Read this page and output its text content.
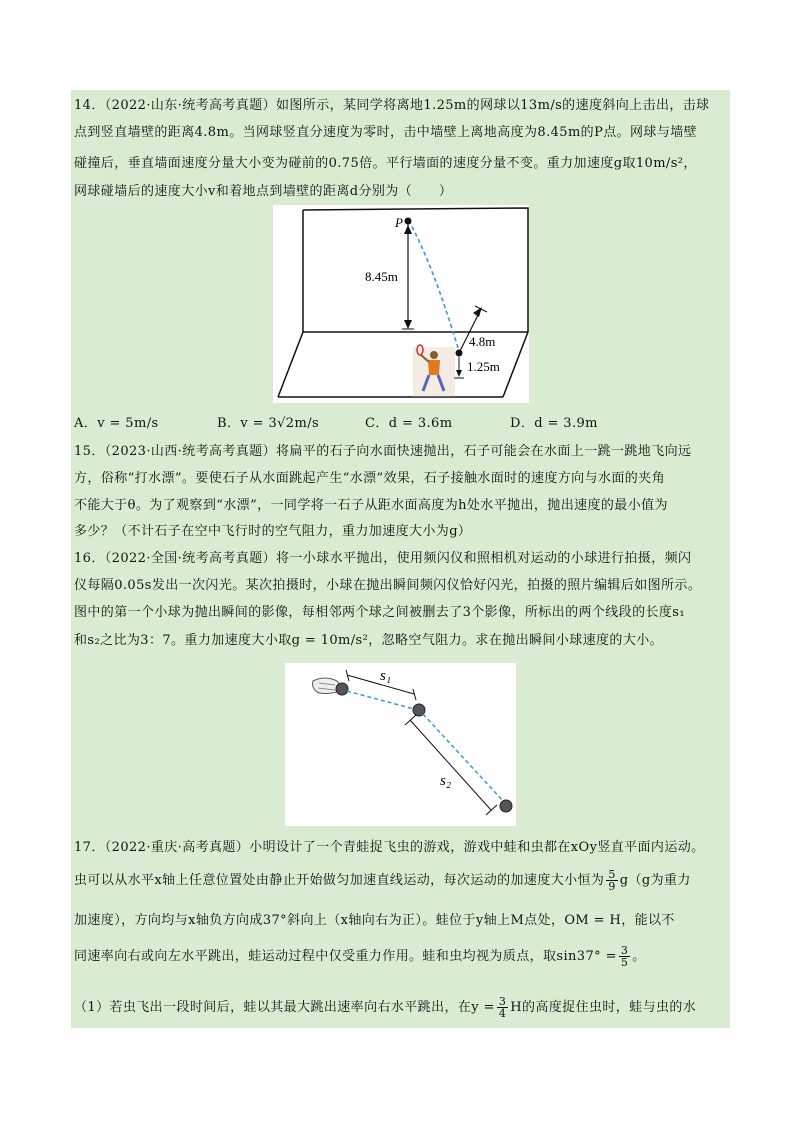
14．（2022·山东·统考高考真题）如图所示，某同学将离地1.25m的网球以13m/s的速度斜向上击出，击球
点到竖直墙壁的距离4.8m。当网球竖直分速度为零时，击中墙壁上离地高度为8.45m的P点。网球与墙壁
碰撞后，垂直墙面速度分量大小变为碰前的0.75倍。平行墙面的速度分量不变。重力加速度g取10m/s²，
网球碰墙后的速度大小v和着地点到墙壁的距离d分别为（　　）
P
8.45m
4.8m
1.25m
A．v = 5m/s	B．v = 3√2m/s	C．d = 3.6m	D．d = 3.9m
15．（2023·山西·统考高考真题）将扁平的石子向水面快速抛出，石子可能会在水面上一跳一跳地飞向远
方，俗称“打水漂”。要使石子从水面跳起产生“水漂”效果，石子接触水面时的速度方向与水面的夹角
不能大于θ。为了观察到“水漂”，一同学将一石子从距水面高度为h处水平抛出，抛出速度的最小值为
多少？（不计石子在空中飞行时的空气阻力，重力加速度大小为g）
16．（2022·全国·统考高考真题）将一小球水平抛出，使用频闪仪和照相机对运动的小球进行拍摄，频闪
仪每隔0.05s发出一次闪光。某次拍摄时，小球在抛出瞬间频闪仪恰好闪光，拍摄的照片编辑后如图所示。
图中的第一个小球为抛出瞬间的影像，每相邻两个球之间被删去了3个影像，所标出的两个线段的长度s₁
和s₂之比为3：7。重力加速度大小取g = 10m/s²，忽略空气阻力。求在抛出瞬间小球速度的大小。
s₁
s₂
17．（2022·重庆·高考真题）小明设计了一个青蛙捉飞虫的游戏，游戏中蛙和虫都在xOy竖直平面内运动。
虫可以从水平x轴上任意位置处由静止开始做匀加速直线运动，每次运动的加速度大小恒为 $\frac{5}{9} g(g$为重力
加速度），方向均与x轴负方向成37°斜向上（x轴向右为正）。蛙位于y轴上M点处，OM = H，能以不
同速率向右或向左水平跳出，蛙运动过程中仅受重力作用。蛙和虫均视为质点，取$\sin 37^\circ = \frac{3}{5}$ 。
（1）若虫飞出一段时间后，蛙以其最大跳出速率向右水平跳出，在$y = \frac{3}{4}$ H的高度捉住虫时，蛙与虫的水
